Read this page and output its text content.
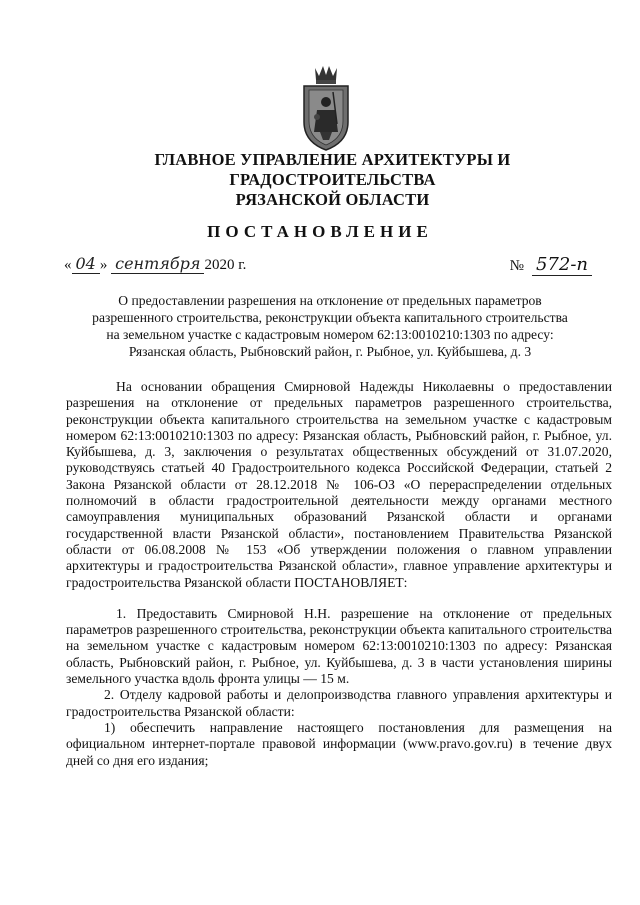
ГЛАВНОЕ УПРАВЛЕНИЕ АРХИТЕКТУРЫ И ГРАДОСТРОИТЕЛЬСТВА
РЯЗАНСКОЙ ОБЛАСТИ
ПОСТАНОВЛЕНИЕ
« 04 » сентября 2020 г.	№ 572-п
О предоставлении разрешения на отклонение от предельных параметров
разрешенного строительства, реконструкции объекта капитального строительства
на земельном участке с кадастровым номером 62:13:0010210:1303 по адресу:
Рязанская область, Рыбновский район, г. Рыбное, ул. Куйбышева, д. 3

На основании обращения Смирновой Надежды Николаевны о предоставлении разрешения на отклонение от предельных параметров разрешенного строительства, реконструкции объекта капитального строительства на земельном участке с кадастровым номером 62:13:0010210:1303 по адресу: Рязанская область, Рыбновский район, г. Рыбное, ул. Куйбышева, д. 3, заключения о результатах общественных обсуждений от 31.07.2020, руководствуясь статьей 40 Градостроительного кодекса Российской Федерации, статьей 2 Закона Рязанской области от 28.12.2018 № 106-ОЗ «О перераспределении отдельных полномочий в области градостроительной деятельности между органами местного самоуправления муниципальных образований Рязанской области и органами государственной власти Рязанской области», постановлением Правительства Рязанской области от 06.08.2008 № 153 «Об утверждении положения о главном управлении архитектуры и градостроительства Рязанской области», главное управление архитектуры и градостроительства Рязанской области ПОСТАНОВЛЯЕТ:

1. Предоставить Смирновой Н.Н. разрешение на отклонение от предельных параметров разрешенного строительства, реконструкции объекта капитального строительства на земельном участке с кадастровым номером 62:13:0010210:1303 по адресу: Рязанская область, Рыбновский район, г. Рыбное, ул. Куйбышева, д. 3 в части установления ширины земельного участка вдоль фронта улицы — 15 м.

2. Отделу кадровой работы и делопроизводства главного управления архитектуры и градостроительства Рязанской области:

1) обеспечить направление настоящего постановления для размещения на официальном интернет-портале правовой информации (www.pravo.gov.ru) в течение двух дней со дня его издания;
